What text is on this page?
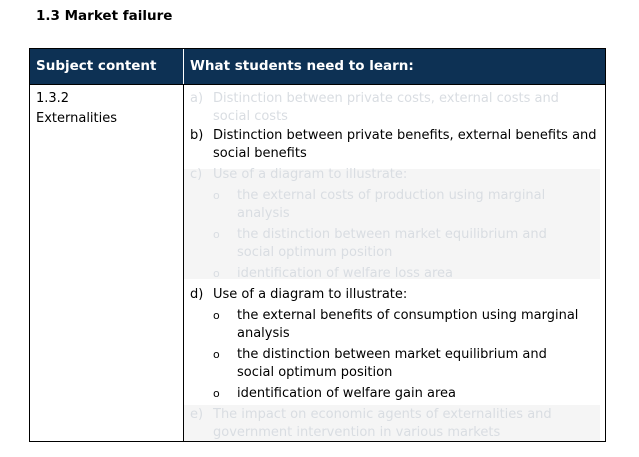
1.3 Market failure
Subject content What students need to learn:
1.3.2
Externalities
a) Distinction between private costs, external costs and social costs
b) Distinction between private benefits, external benefits and social benefits
c) Use of a diagram to illustrate:
o the external costs of production using marginal analysis
o the distinction between market equilibrium and social optimum position
o identification of welfare loss area
d) Use of a diagram to illustrate:
o the external benefits of consumption using marginal analysis
o the distinction between market equilibrium and social optimum position
o identification of welfare gain area
e) The impact on economic agents of externalities and government intervention in various markets
